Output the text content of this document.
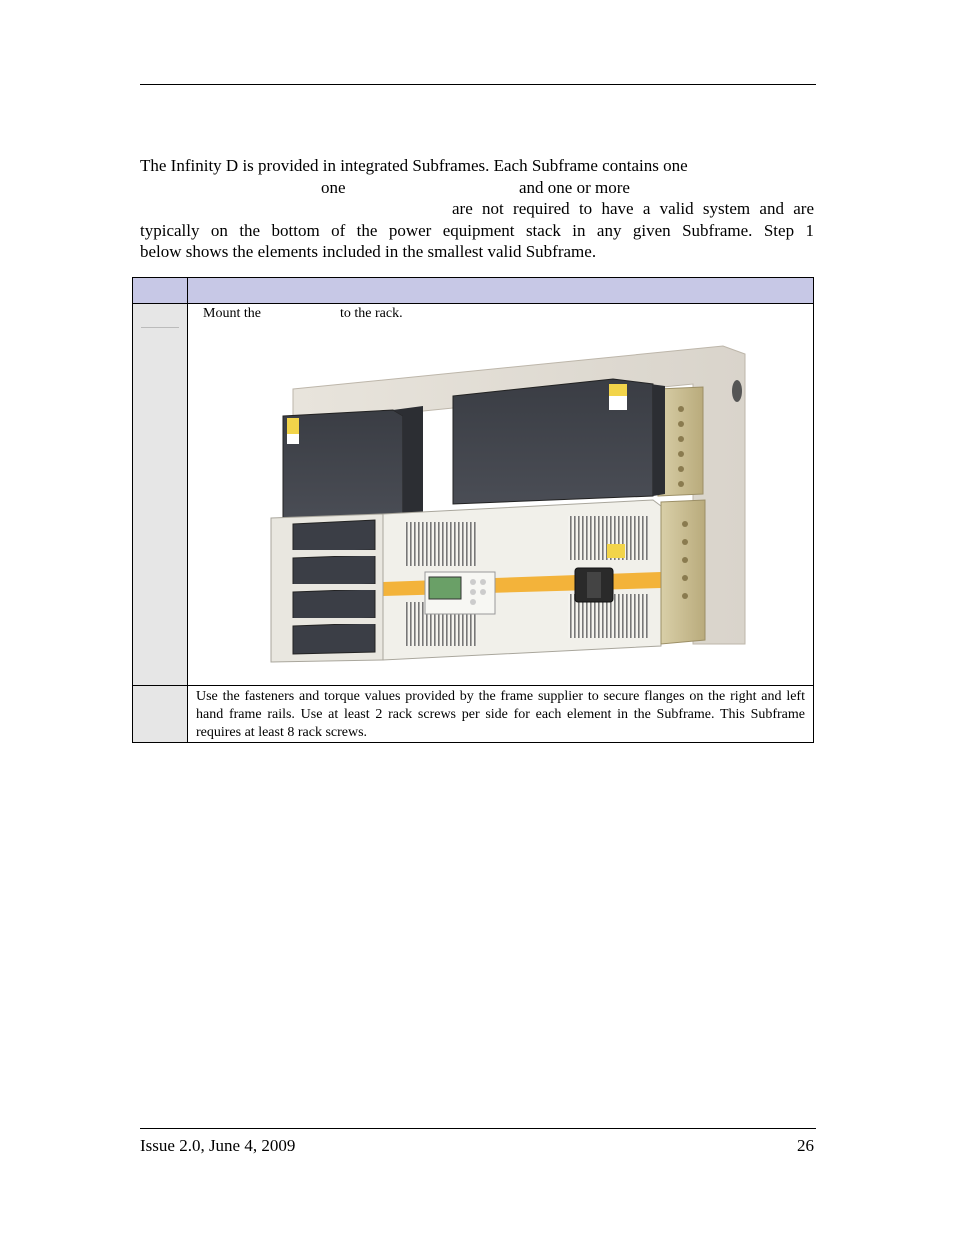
The Infinity D is provided in integrated Subframes. Each Subframe contains one
one	and one or more
are not required to have a valid system and are
typically on the bottom of the power equipment stack in any given Subframe. Step 1
below shows the elements included in the smallest valid Subframe.
Mount the	to the rack.
Use the fasteners and torque values provided by the frame supplier to secure flanges on the right and left hand frame rails. Use at least 2 rack screws per side for each element in the Subframe. This Subframe requires at least 8 rack screws.
Issue 2.0, June 4, 2009	26
